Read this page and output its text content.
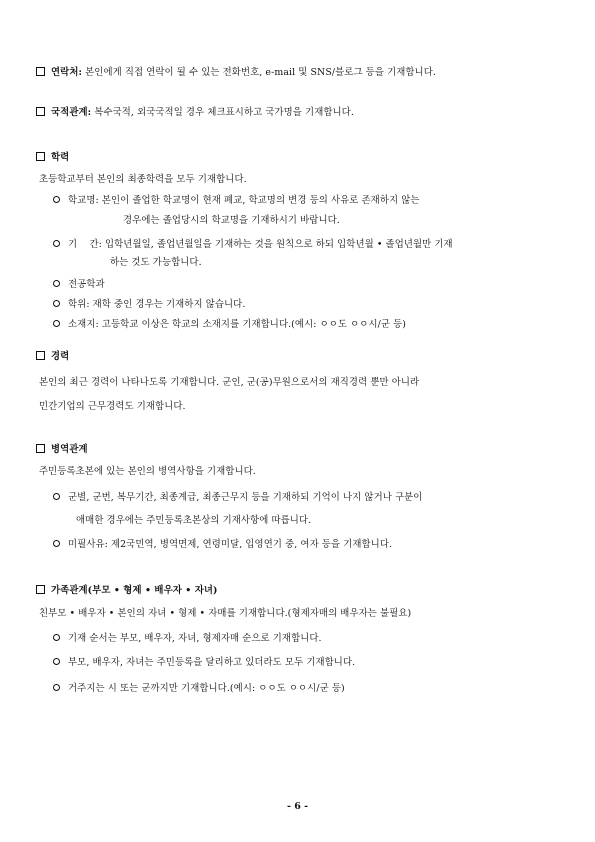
연락처: 본인에게 직접 연락이 될 수 있는 전화번호, e-mail 및 SNS/블로그 등을 기재합니다.
국적관계: 복수국적, 외국국적일 경우 체크표시하고 국가명을 기재합니다.
학력
초등학교부터 본인의 최종학력을 모두 기재합니다.
학교명: 본인이 졸업한 학교명이 현재 폐교, 학교명의 변경 등의 사유로 존재하지 않는
경우에는 졸업당시의 학교명을 기재하시기 바랍니다.
기    간: 입학년월일, 졸업년월일을 기재하는 것을 원칙으로 하되 입학년월 • 졸업년월만 기재
하는 것도 가능합니다.
전공학과
학위: 재학 중인 경우는 기재하지 않습니다.
소재지: 고등학교 이상은 학교의 소재지를 기재합니다.(예시: ㅇㅇ도 ㅇㅇ시/군 등)
경력
본인의 최근 경력이 나타나도록 기재합니다. 군인, 군(공)무원으로서의 재직경력 뿐만 아니라
민간기업의 근무경력도 기재합니다.
병역관계
주민등록초본에 있는 본인의 병역사항을 기재합니다.
군별, 군번, 복무기간, 최종계급, 최종근무지 등을 기재하되 기억이 나지 않거나 구분이
애매한 경우에는 주민등록초본상의 기재사항에 따릅니다.
미필사유: 제2국민역, 병역면제, 연령미달, 입영연기 중, 여자 등을 기재합니다.
가족관계(부모 • 형제 • 배우자 • 자녀)
친부모 • 배우자 • 본인의 자녀 • 형제 • 자매를 기재합니다.(형제자매의 배우자는 불필요)
기재 순서는 부모, 배우자, 자녀, 형제자매 순으로 기재합니다.
부모, 배우자, 자녀는 주민등록을 달리하고 있더라도 모두 기재합니다.
거주지는 시 또는 군까지만 기재합니다.(예시: ㅇㅇ도 ㅇㅇ시/군 등)
- 6 -
